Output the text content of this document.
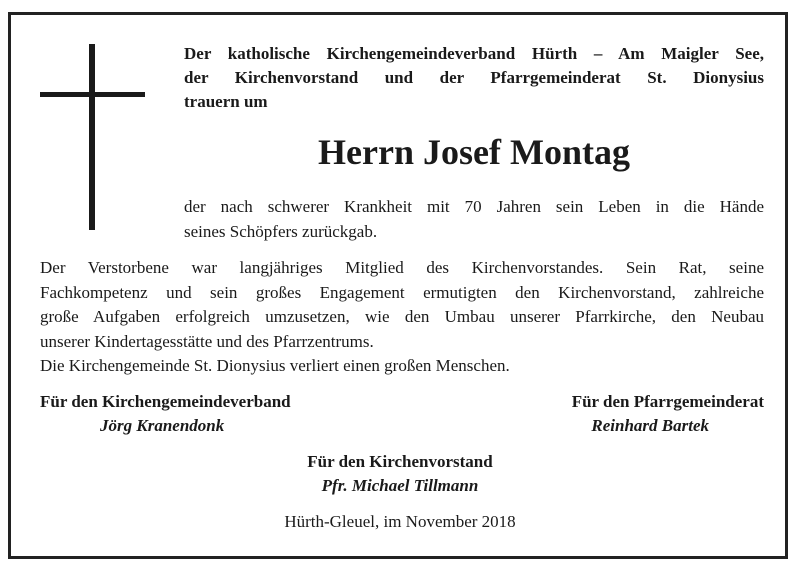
Der katholische Kirchengemeindeverband Hürth – Am Maigler See,
der Kirchenvorstand und der Pfarrgemeinderat St. Dionysius
trauern um
Herrn Josef Montag
der nach schwerer Krankheit mit 70 Jahren sein Leben in die Hände
seines Schöpfers zurückgab.
Der Verstorbene war langjähriges Mitglied des Kirchenvorstandes. Sein Rat, seine
Fachkompetenz und sein großes Engagement ermutigten den Kirchenvorstand, zahlreiche
große Aufgaben erfolgreich umzusetzen, wie den Umbau unserer Pfarrkirche, den Neubau
unserer Kindertagesstätte und des Pfarrzentrums.
Die Kirchengemeinde St. Dionysius verliert einen großen Menschen.
Für den Kirchengemeindeverband
Jörg Kranendonk
Für den Pfarrgemeinderat
Reinhard Bartek
Für den Kirchenvorstand
Pfr. Michael Tillmann
Hürth-Gleuel, im November 2018
